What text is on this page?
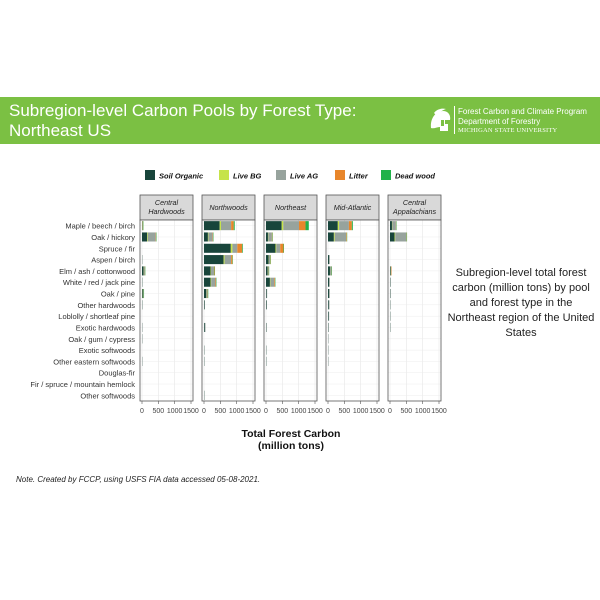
Subregion-level Carbon Pools by Forest Type:
Northeast US
Forest Carbon and Climate Program
Department of Forestry
MICHIGAN STATE UNIVERSITY
Soil Organic	Live BG	Live AG	Litter	Dead wood
Maple / beech / birch
Oak / hickory
Spruce / fir
Aspen / birch
Elm / ash / cottonwood
White / red / jack pine
Oak / pine
Other hardwoods
Loblolly / shortleaf pine
Exotic hardwoods
Oak / gum / cypress
Exotic softwoods
Other eastern softwoods
Douglas-fir
Fir / spruce / mountain hemlock
Other softwoods
Central
Hardwoods
0 500 1000 1500
Northwoods
0 500 1000 1500
Northeast
0 500 1000 1500
Mid-Atlantic
0 500 1000 1500
Central
Appalachians
0 500 1000 1500
Total Forest Carbon
(million tons)
Subregion-level total forest carbon (million tons) by pool and forest type in the Northeast region of the United States
Note. Created by FCCP, using USFS FIA data accessed 05-08-2021.
